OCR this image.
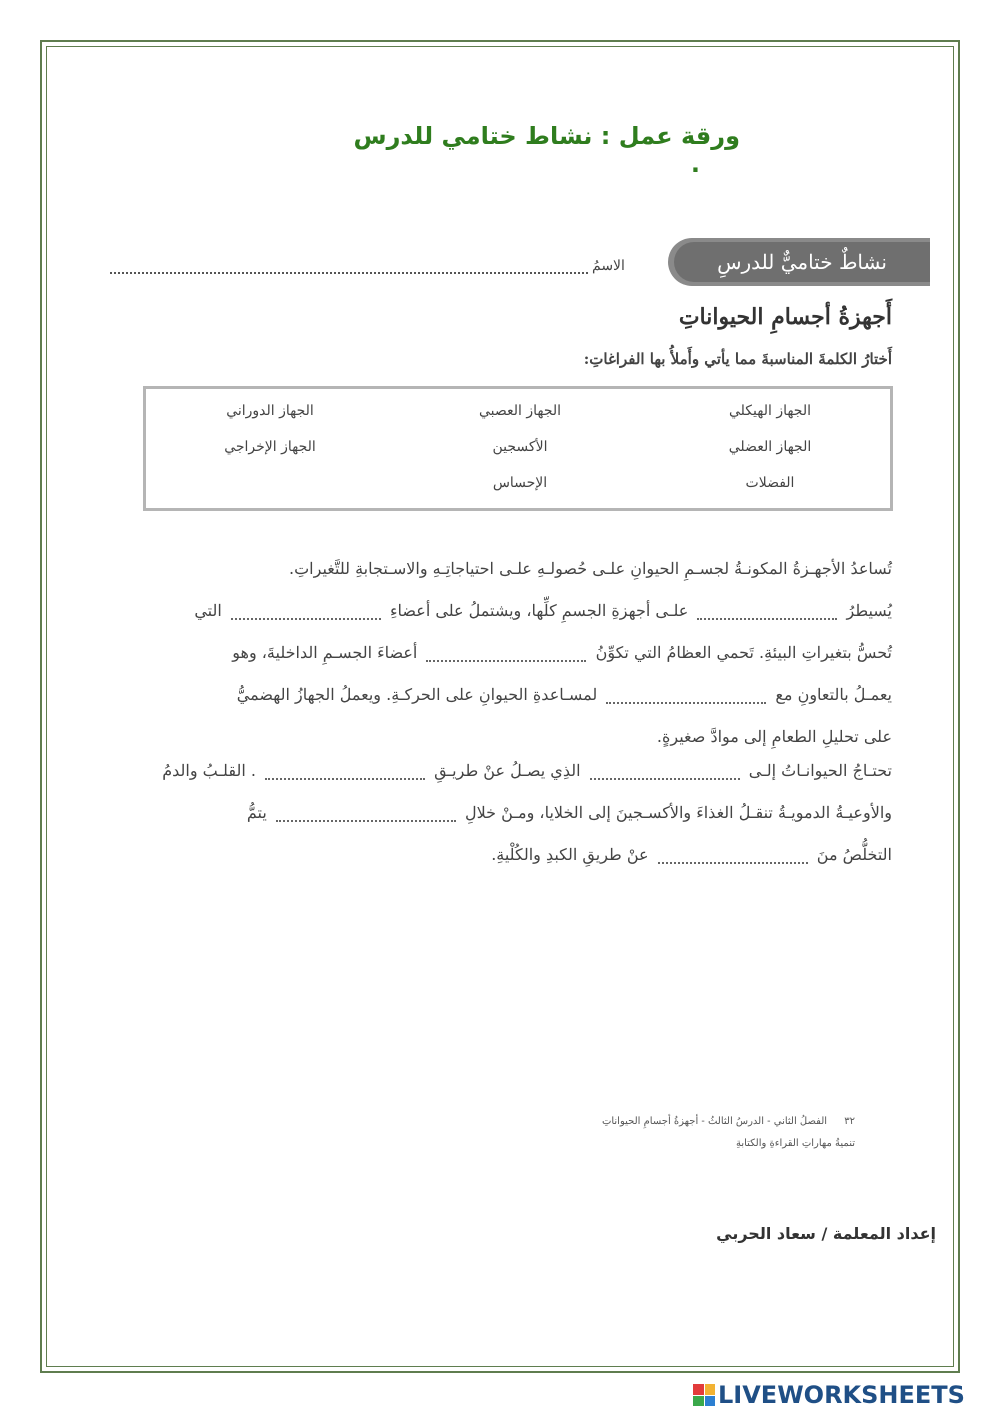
ورقة عمل : نشاط ختامي للدرس .
نشاطٌ ختاميٌّ للدرسِ
الاسمُ
أَجهزةُ أجسامِ الحيواناتِ
أَختارُ الكلمةَ المناسبةَ مما يأتي وأَملأُ بها الفراغاتِ:
الجهاز الهيكلي
الجهاز العصبي
الجهاز الدوراني
الجهاز العضلي
الأكسجين
الجهاز الإخراجي
الفضلات
الإحساس
تُساعدُ الأجهـزةُ المكونـةُ لجسـمِ الحيوانِ علـى حُصولـهِ علـى احتياجاتِـهِ والاسـتجابةِ للتَّغيراتِ.
يُسيطرُ  علـى أجهزةِ الجسمِ كلِّها، ويشتملُ على أعضاءِ  التي
تُحسُّ بتغيراتِ البيئةِ. تَحمي العظامُ التي تكوِّنُ  أعضاءَ الجسـمِ الداخليةَ، وهو
يعمـلُ بالتعاونِ مع  لمسـاعدةِ الحيوانِ على الحركـةِ. ويعملُ الجهازُ الهضميُّ
على تحليلِ الطعامِ إلى موادَّ صغيرةٍ.
تحتـاجُ الحيوانـاتُ إلـى  الذِي يصـلُ عنْ طريـقِ  . القلـبُ والدمُ
والأوعيـةُ الدمويـةُ تنقـلُ الغذاءَ والأكسـجينَ إلى الخلايا، ومـنْ خلالِ  يتمُّ
التخلُّصُ منَ  عنْ طريقِ الكبدِ والكُلْيةِ.
٣٢ الفصلُ الثاني - الدرسُ الثالثُ - أجهزةُ أجسامِ الحيواناتِ
تنميةُ مهاراتِ القراءةِ والكتابةِ
إعداد المعلمة / سعاد الحربي
LIVEWORKSHEETS
